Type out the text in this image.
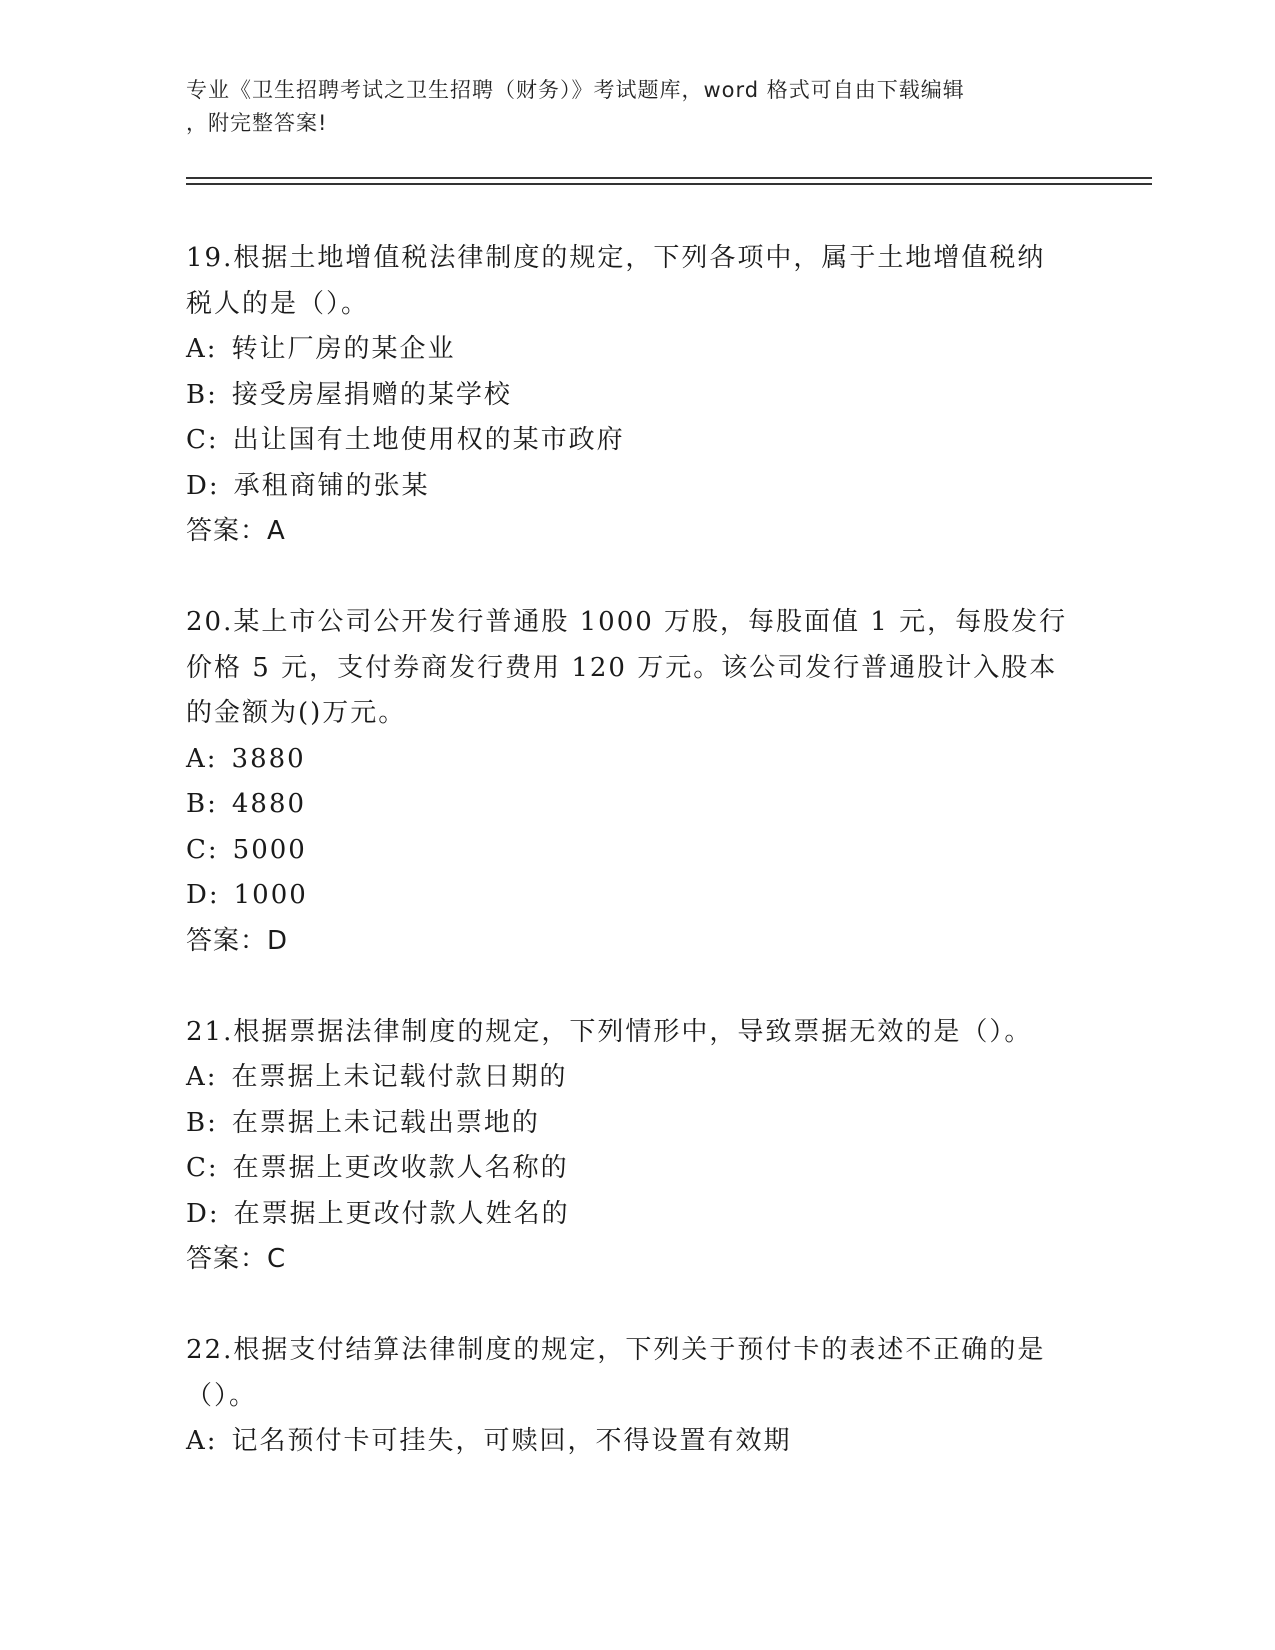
专业《卫生招聘考试之卫生招聘（财务）》考试题库，word 格式可自由下载编辑
，附完整答案!

19.根据土地增值税法律制度的规定，下列各项中，属于土地增值税纳

税人的是（）。

A: 转让厂房的某企业

B: 接受房屋捐赠的某学校

C: 出让国有土地使用权的某市政府

D: 承租商铺的张某

答案：A

20.某上市公司公开发行普通股 1000 万股，每股面值 1 元，每股发行

价格 5 元，支付券商发行费用 120 万元。该公司发行普通股计入股本

的金额为()万元。

A: 3880

B: 4880

C: 5000

D: 1000

答案：D

21.根据票据法律制度的规定，下列情形中，导致票据无效的是（）。

A: 在票据上未记载付款日期的

B: 在票据上未记载出票地的

C: 在票据上更改收款人名称的

D: 在票据上更改付款人姓名的

答案：C

22.根据支付结算法律制度的规定，下列关于预付卡的表述不正确的是

（）。

A: 记名预付卡可挂失，可赎回，不得设置有效期
